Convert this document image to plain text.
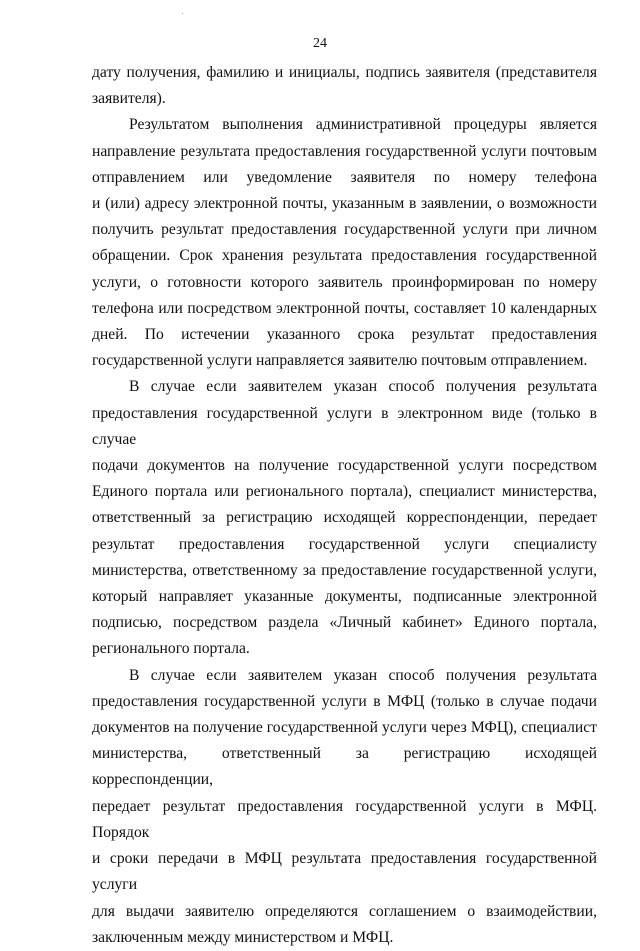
24

дату получения, фамилию и инициалы, подпись заявителя (представителя
заявителя).

Результатом выполнения административной процедуры является
направление результата предоставления государственной услуги почтовым
отправлением или уведомление заявителя по номеру телефона
и (или) адресу электронной почты, указанным в заявлении, о возможности
получить результат предоставления государственной услуги при личном
обращении. Срок хранения результата предоставления государственной
услуги, о готовности которого заявитель проинформирован по номеру
телефона или посредством электронной почты, составляет 10 календарных
дней. По истечении указанного срока результат предоставления
государственной услуги направляется заявителю почтовым отправлением.

В случае если заявителем указан способ получения результата
предоставления государственной услуги в электронном виде (только в случае
подачи документов на получение государственной услуги посредством
Единого портала или регионального портала), специалист министерства,
ответственный за регистрацию исходящей корреспонденции, передает
результат предоставления государственной услуги специалисту
министерства, ответственному за предоставление государственной услуги,
который направляет указанные документы, подписанные электронной
подписью, посредством раздела «Личный кабинет» Единого портала,
регионального портала.

В случае если заявителем указан способ получения результата
предоставления государственной услуги в МФЦ (только в случае подачи
документов на получение государственной услуги через МФЦ), специалист
министерства, ответственный за регистрацию исходящей корреспонденции,
передает результат предоставления государственной услуги в МФЦ. Порядок
и сроки передачи в МФЦ результата предоставления государственной услуги
для выдачи заявителю определяются соглашением о взаимодействии,
заключенным между министерством и МФЦ.
